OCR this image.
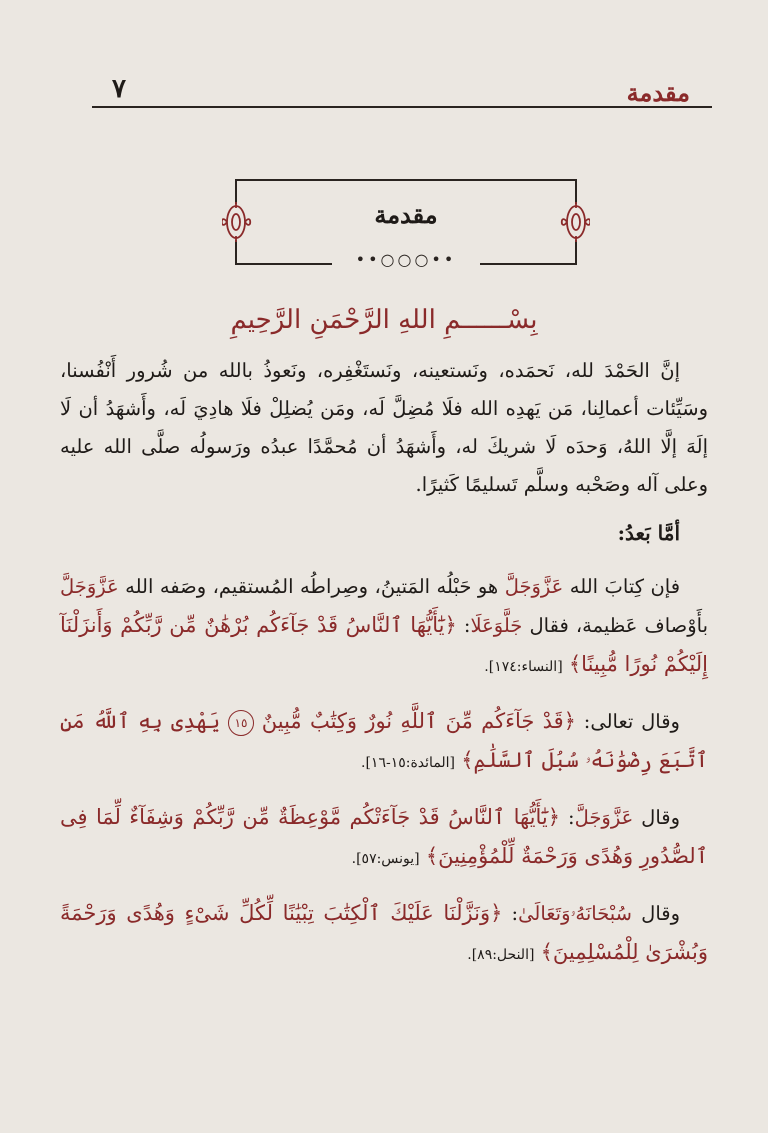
مقدمة
٧
مقدمة
••○○○••
بِسْــــــمِ اللهِ الرَّحْمَنِ الرَّحِيمِ

إنَّ الحَمْدَ لله، نَحمَده، ونَستعينه، ونَستَغْفِره، ونَعوذُ بالله من شُرور أَنْفُسنا، وسَيِّئات أعمالِنا، مَن يَهدِه الله فلَا مُضِلَّ لَه، ومَن يُضلِلْ فلَا هادِيَ لَه، وأَشهَدُ أن لَا إلَهَ إلَّا اللهُ، وَحدَه لَا شريكَ له، وأَشهَدُ أن مُحمَّدًا عبدُه ورَسولُه صلَّى الله عليه وعلى آله وصَحْبه وسلَّم تَسليمًا كَثيرًا.

أمَّا بَعدُ:

فإن كِتابَ الله عَزَّوَجَلَّ هو حَبْلُه المَتينُ، وصِراطُه المُستقيم، وصَفه الله عَزَّوَجَلَّ بأَوْصاف عَظيمة، فقال جَلَّوَعَلَا: ﴿يَٰٓأَيُّهَا ٱلنَّاسُ قَدْ جَآءَكُم بُرْهَٰنٌ مِّن رَّبِّكُمْ وَأَنزَلْنَآ إِلَيْكُمْ نُورًا مُّبِينًا﴾ [النساء:١٧٤].

وقال تعالى: ﴿قَدْ جَآءَكُم مِّنَ ٱللَّهِ نُورٌ وَكِتَٰبٌ مُّبِينٌ ١٥ يَهْدِى بِهِ ٱللَّهُ مَنِ ٱتَّبَعَ رِضْوَٰنَهُۥ سُبُلَ ٱلسَّلَٰمِ﴾ [المائدة:١٥-١٦].

وقال عَزَّوَجَلَّ: ﴿يَٰٓأَيُّهَا ٱلنَّاسُ قَدْ جَآءَتْكُم مَّوْعِظَةٌ مِّن رَّبِّكُمْ وَشِفَآءٌ لِّمَا فِى ٱلصُّدُورِ وَهُدًى وَرَحْمَةٌ لِّلْمُؤْمِنِينَ﴾ [يونس:٥٧].

وقال سُبْحَانَهُۥوَتَعَالَىٰ: ﴿وَنَزَّلْنَا عَلَيْكَ ٱلْكِتَٰبَ تِبْيَٰنًا لِّكُلِّ شَىْءٍ وَهُدًى وَرَحْمَةً وَبُشْرَىٰ لِلْمُسْلِمِينَ﴾ [النحل:٨٩].
